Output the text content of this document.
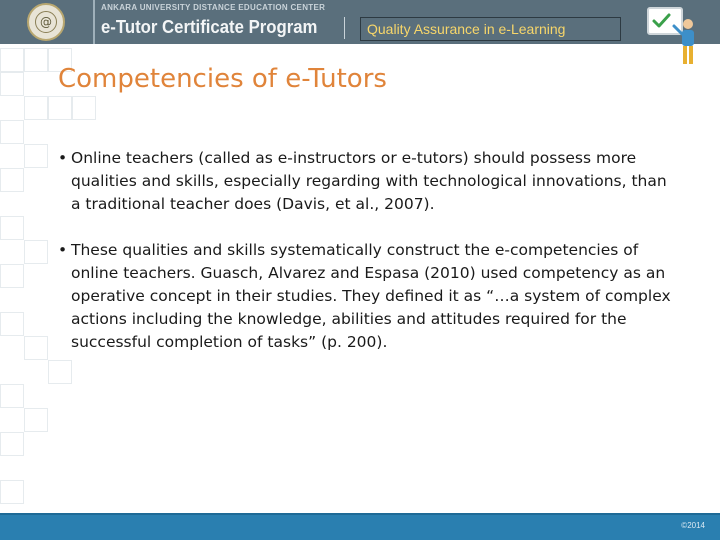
@
ANKARA UNIVERSITY DISTANCE EDUCATION CENTER
e-Tutor Certificate Program	Quality Assurance in e-Learning
Competencies of e-Tutors
• Online teachers (called as e-instructors or e-tutors) should possess more qualities and skills, especially regarding with technological innovations, than a traditional teacher does (Davis, et al., 2007).
• These qualities and skills systematically construct the e-competencies of online teachers. Guasch, Alvarez and Espasa (2010) used competency as an operative concept in their studies. They defined it as “…a system of complex actions including the knowledge, abilities and attitudes required for the successful completion of tasks” (p. 200).
©2014
